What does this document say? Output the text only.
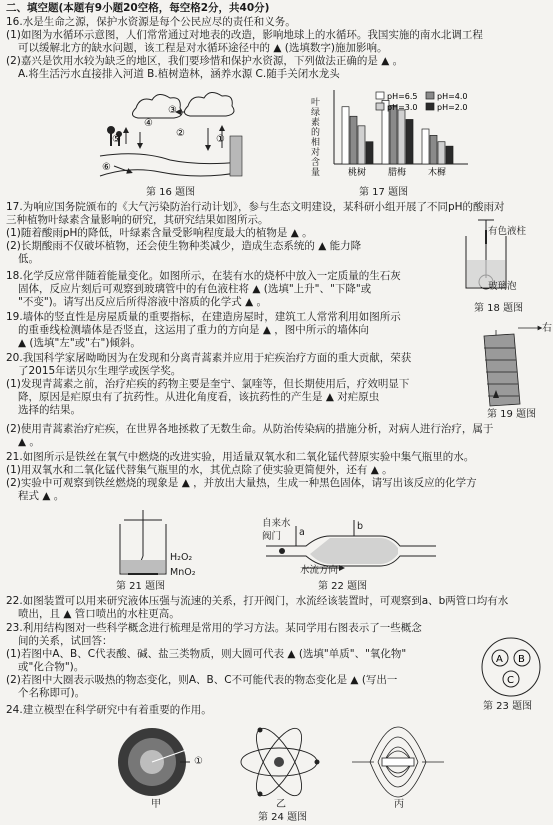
二、填空题(本题有9小题20空格，每空格2分，共40分)
16.水是生命之源，保护水资源是每个公民应尽的责任和义务。
(1)如图为水循环示意图，人们常常通过对地表的改造，影响地球上的水循环。我国实施的南水北调工程
可以缓解北方的缺水问题，该工程是对水循环途径中的 ▲ (选填数字)施加影响。
(2)嘉兴是饮用水较为缺乏的地区，我们要珍惜和保护水资源，下列做法正确的是 ▲ 。
A.将生活污水直接排入河道 B.植树造林，涵养水源 C.随手关闭水龙头
③
②
①
⑤
④
⑥
第 16 题图
叶
绿
素
的
相
对
含
量	桃树 腊梅 木樨
pH=6.5 pH=4.0
pH=3.0 pH=2.0
第 17 题图
17.为响应国务院颁布的《大气污染防治行动计划》，参与生态文明建设，某科研小组开展了不同pH的酸雨对
三种植物叶绿素含量影响的研究，其研究结果如图所示。
(1)随着酸雨pH的降低，叶绿素含量受影响程度最大的植物是 ▲ 。
(2)长期酸雨不仅破坏植物，还会使生物种类减少，造成生态系统的 ▲ 能力降
低。
18.化学反应常伴随着能量变化。如图所示，在装有水的烧杯中放入一定质量的生石灰
固体，反应片刻后可观察到玻璃管中的有色液柱将 ▲ (选填"上升"、"下降"或
"不变")。请写出反应后所得溶液中溶质的化学式 ▲ 。
有色液柱
玻璃泡
第 18 题图
19.墙体的竖直性是房屋质量的重要指标，在建造房屋时，建筑工人常常利用如图所示
的重垂线检测墙体是否竖直，这运用了重力的方向是 ▲ ，图中所示的墙体向
▲ (选填"左"或"右")倾斜。
右
第 19 题图
20.我国科学家屠呦呦因为在发现和分离青蒿素并应用于疟疾治疗方面的重大贡献，荣获
了2015年诺贝尔生理学或医学奖。
(1)发现青蒿素之前，治疗疟疾的药物主要是奎宁、氯喹等，但长期使用后，疗效明显下
降，原因是疟原虫有了抗药性。从进化角度看，该抗药性的产生是 ▲ 对疟原虫
选择的结果。
(2)使用青蒿素治疗疟疾，在世界各地拯救了无数生命。从防治传染病的措施分析，对病人进行治疗，属于
▲ 。
21.如图所示是铁丝在氧气中燃烧的改进实验，用适量双氧水和二氧化锰代替原实验中集气瓶里的水。
(1)用双氧水和二氧化锰代替集气瓶里的水，其优点除了使实验更简便外，还有 ▲ 。
(2)实验中可观察到铁丝燃烧的现象是 ▲ ，并放出大量热，生成一种黑色固体，请写出该反应的化学方
程式 ▲ 。
H₂O₂
MnO₂
第 21 题图
自来水
阀门 a
b
水流方向
第 22 题图
22.如图装置可以用来研究液体压强与流速的关系，打开阀门，水流经该装置时，可观察到a、b两管口均有水
喷出，且 ▲ 管口喷出的水柱更高。
23.利用结构图对一些科学概念进行梳理是常用的学习方法。某同学用右图表示了一些概念
间的关系，试回答：
(1)若图中A、B、C代表酸、碱、盐三类物质，则大圆可代表 ▲ (选填"单质"、"氧化物"
或"化合物")。
(2)若图中大圈表示吸热的物态变化，则A、B、C不可能代表的物态变化是 ▲ (写出一
个名称即可)。
A B
C
第 23 题图
24.建立模型在科学研究中有着重要的作用。
①
甲	乙	丙
第 24 题图
